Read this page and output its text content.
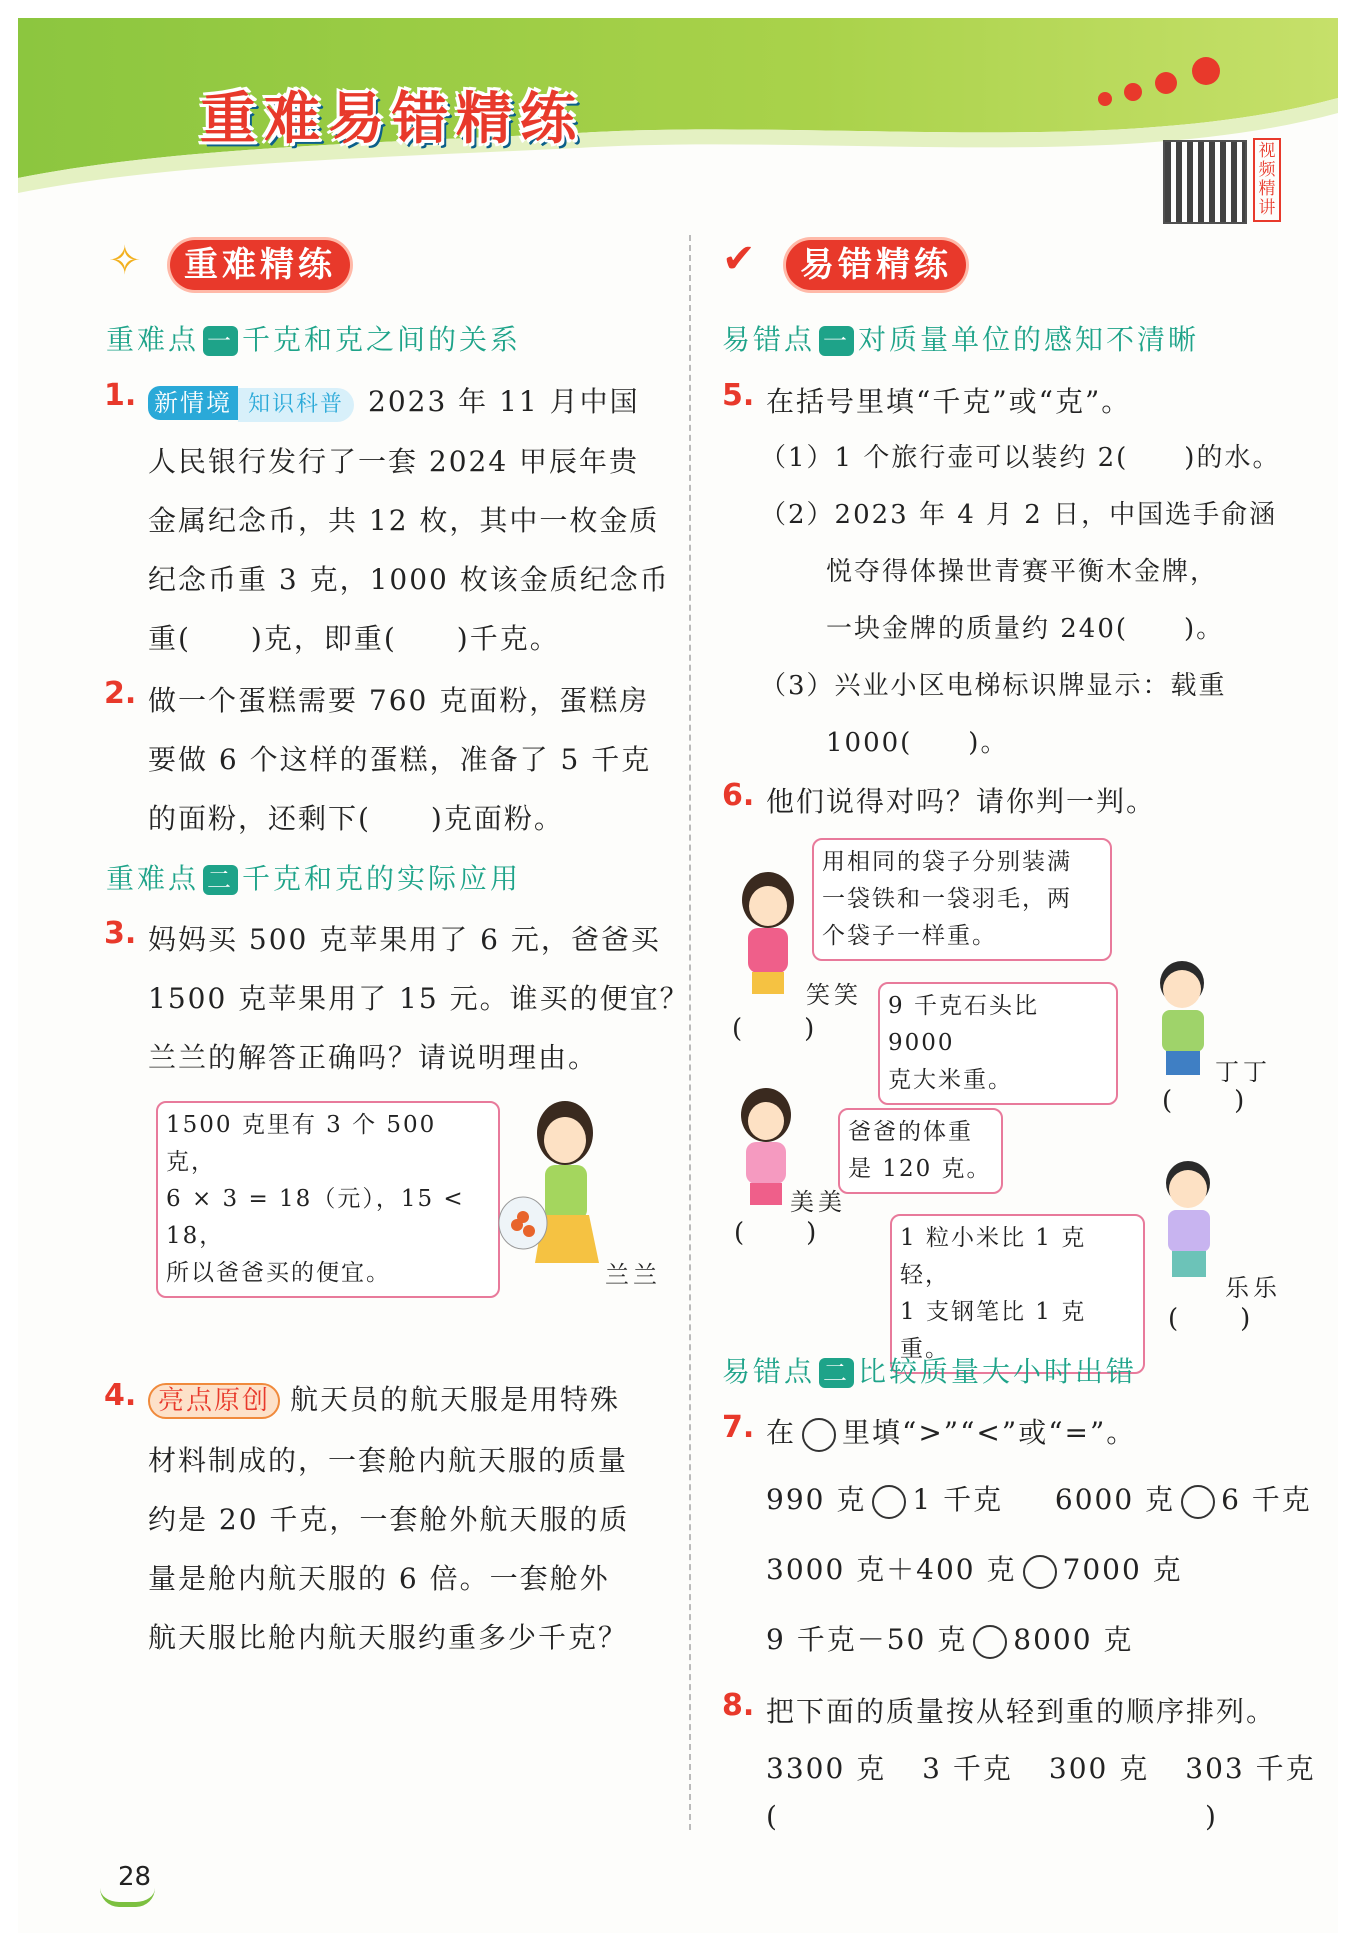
重难易错精练	视频精讲
✧	重难精练
重难点 一 千克和克之间的关系
1. 新情境 知识科普 2023 年 11 月中国
人民银行发行了一套 2024 甲辰年贵
金属纪念币，共 12 枚，其中一枚金质
纪念币重 3 克，1000 枚该金质纪念币
重(　　)克，即重(　　)千克。
2. 做一个蛋糕需要 760 克面粉，蛋糕房
要做 6 个这样的蛋糕，准备了 5 千克
的面粉，还剩下(　　)克面粉。
重难点 二 千克和克的实际应用
3. 妈妈买 500 克苹果用了 6 元，爸爸买
1500 克苹果用了 15 元。谁买的便宜？
兰兰的解答正确吗？请说明理由。
1500 克里有 3 个 500 克，
6 × 3 = 18（元），15 < 18，
所以爸爸买的便宜。	兰兰
4. 亮点原创 航天员的航天服是用特殊
材料制成的，一套舱内航天服的质量
约是 20 千克，一套舱外航天服的质
量是舱内航天服的 6 倍。一套舱外
航天服比舱内航天服约重多少千克？
✔	易错精练
易错点 一 对质量单位的感知不清晰
5. 在括号里填“千克”或“克”。
（1）1 个旅行壶可以装约 2(　　)的水。
（2）2023 年 4 月 2 日，中国选手俞涵
悦夺得体操世青赛平衡木金牌，
一块金牌的质量约 240(　　)。
（3）兴业小区电梯标识牌显示：载重
1000(　　)。
6. 他们说得对吗？请你判一判。
用相同的袋子分别装满
一袋铁和一袋羽毛，两
个袋子一样重。
笑笑
(　)
9 千克石头比 9000
克大米重。	丁丁
(　)
爸爸的体重
是 120 克。
美美
(　)	1 粒小米比 1 克轻，
1 支钢笔比 1 克重。
乐乐
(　)
易错点 二 比较质量大小时出错
7. 在 里填“>”“<”或“=”。
990 克 1 千克 6000 克 6 千克
3000 克＋400 克 7000 克
9 千克－50 克 8000 克
8. 把下面的质量按从轻到重的顺序排列。
3300 克 3 千克 300 克 303 千克
(	)
28
